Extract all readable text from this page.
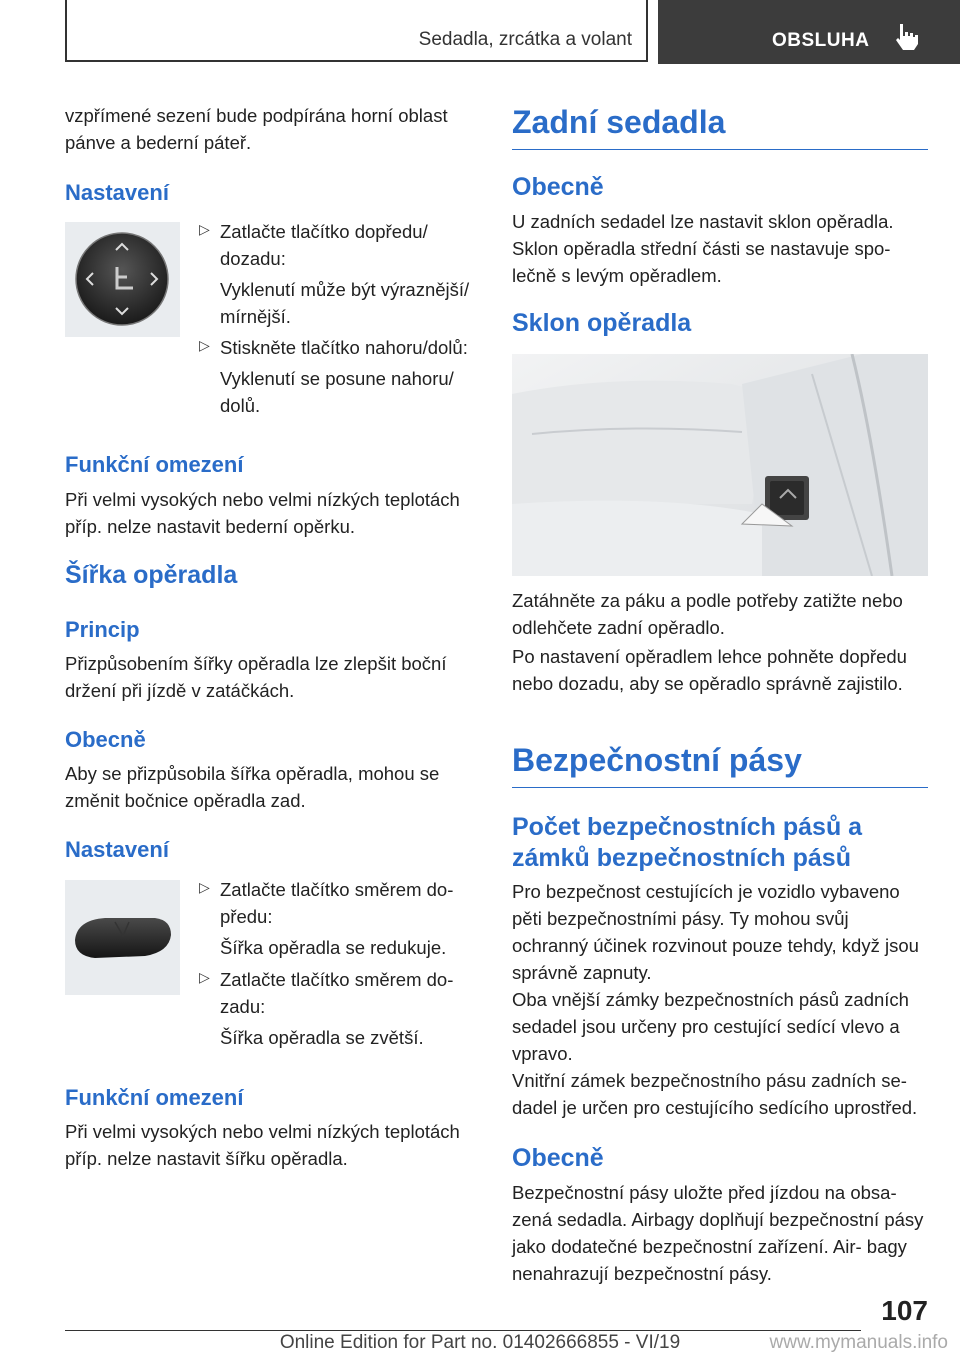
Sedadla, zrcátka a volant	OBSLUHA

vzpřímené sezení bude podpírána horní oblast pánve a bederní páteř.

Nastavení
▷ Zatlačte tlačítko dopředu/ dozadu:

Vyklenutí může být výraznější/ mírnější.

▷ Stiskněte tlačítko nahoru/dolů:

Vyklenutí se posune nahoru/ dolů.

Funkční omezení

Při velmi vysokých nebo velmi nízkých teplotách příp. nelze nastavit bederní opěrku.

Šířka opěradla
Princip

Přizpůsobením šířky opěradla lze zlepšit boční držení při jízdě v zatáčkách.

Obecně

Aby se přizpůsobila šířka opěradla, mohou se změnit bočnice opěradla zad.

Nastavení
▷ Zatlačte tlačítko směrem do- předu:

Šířka opěradla se redukuje.

▷ Zatlačte tlačítko směrem do- zadu:

Šířka opěradla se zvětší.

Funkční omezení

Při velmi vysokých nebo velmi nízkých teplotách příp. nelze nastavit šířku opěradla.

Zadní sedadla
Obecně

U zadních sedadel lze nastavit sklon opěradla. Sklon opěradla střední části se nastavuje spo- lečně s levým opěradlem.

Sklon opěradla

Zatáhněte za páku a podle potřeby zatižte nebo odlehčete zadní opěradlo.

Po nastavení opěradlem lehce pohněte dopředu nebo dozadu, aby se opěradlo správně zajistilo.

Bezpečnostní pásy
Počet bezpečnostních pásů a zámků bezpečnostních pásů

Pro bezpečnost cestujících je vozidlo vybaveno pěti bezpečnostními pásy. Ty mohou svůj ochranný účinek rozvinout pouze tehdy, když jsou správně zapnuty.

Oba vnější zámky bezpečnostních pásů zadních sedadel jsou určeny pro cestující sedící vlevo a vpravo.

Vnitřní zámek bezpečnostního pásu zadních se- dadel je určen pro cestujícího sedícího uprostřed.

Obecně

Bezpečnostní pásy uložte před jízdou na obsa- zená sedadla. Airbagy doplňují bezpečnostní pásy jako dodatečné bezpečnostní zařízení. Air- bagy nenahrazují bezpečnostní pásy.

107
Online Edition for Part no. 01402666855 - VI/19	www.mymanuals.info
